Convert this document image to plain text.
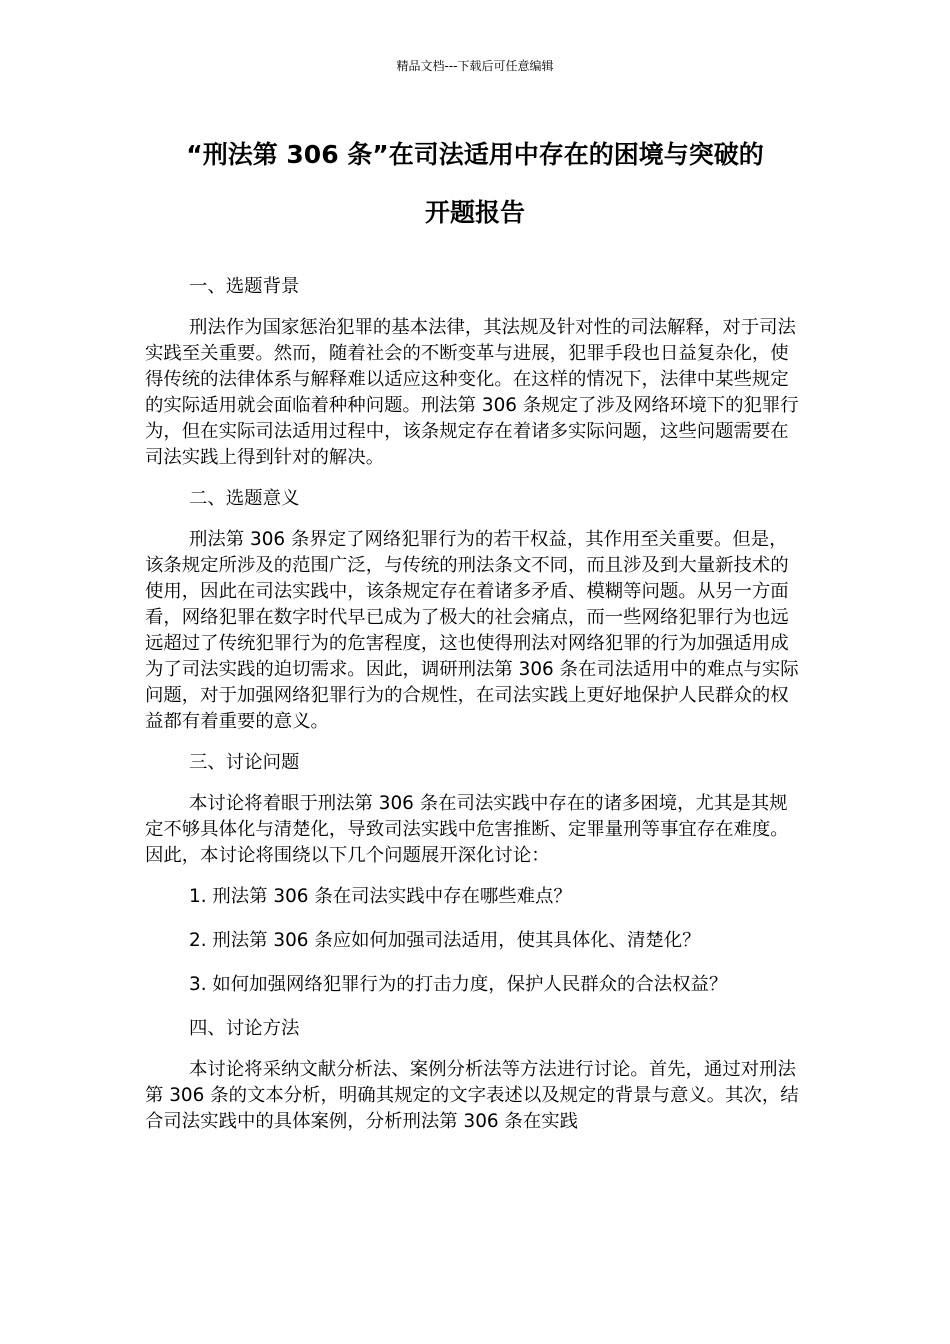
精品文档---下载后可任意编辑
“刑法第 306 条”在司法适用中存在的困境与突破的
开题报告

一、选题背景

刑法作为国家惩治犯罪的基本法律，其法规及针对性的司法解释，对于司法实践至关重要。然而，随着社会的不断变革与进展，犯罪手段也日益复杂化，使得传统的法律体系与解释难以适应这种变化。在这样的情况下，法律中某些规定的实际适用就会面临着种种问题。刑法第 306 条规定了涉及网络环境下的犯罪行为，但在实际司法适用过程中，该条规定存在着诸多实际问题，这些问题需要在司法实践上得到针对的解决。

二、选题意义

刑法第 306 条界定了网络犯罪行为的若干权益，其作用至关重要。但是，该条规定所涉及的范围广泛，与传统的刑法条文不同，而且涉及到大量新技术的使用，因此在司法实践中，该条规定存在着诸多矛盾、模糊等问题。从另一方面看，网络犯罪在数字时代早已成为了极大的社会痛点，而一些网络犯罪行为也远远超过了传统犯罪行为的危害程度，这也使得刑法对网络犯罪的行为加强适用成为了司法实践的迫切需求。因此，调研刑法第 306 条在司法适用中的难点与实际问题，对于加强网络犯罪行为的合规性，在司法实践上更好地保护人民群众的权益都有着重要的意义。

三、讨论问题

本讨论将着眼于刑法第 306 条在司法实践中存在的诸多困境，尤其是其规定不够具体化与清楚化，导致司法实践中危害推断、定罪量刑等事宜存在难度。因此，本讨论将围绕以下几个问题展开深化讨论：

1. 刑法第 306 条在司法实践中存在哪些难点？

2. 刑法第 306 条应如何加强司法适用，使其具体化、清楚化？

3. 如何加强网络犯罪行为的打击力度，保护人民群众的合法权益？

四、讨论方法

本讨论将采纳文献分析法、案例分析法等方法进行讨论。首先，通过对刑法第 306 条的文本分析，明确其规定的文字表述以及规定的背景与意义。其次，结合司法实践中的具体案例，分析刑法第 306 条在实践
